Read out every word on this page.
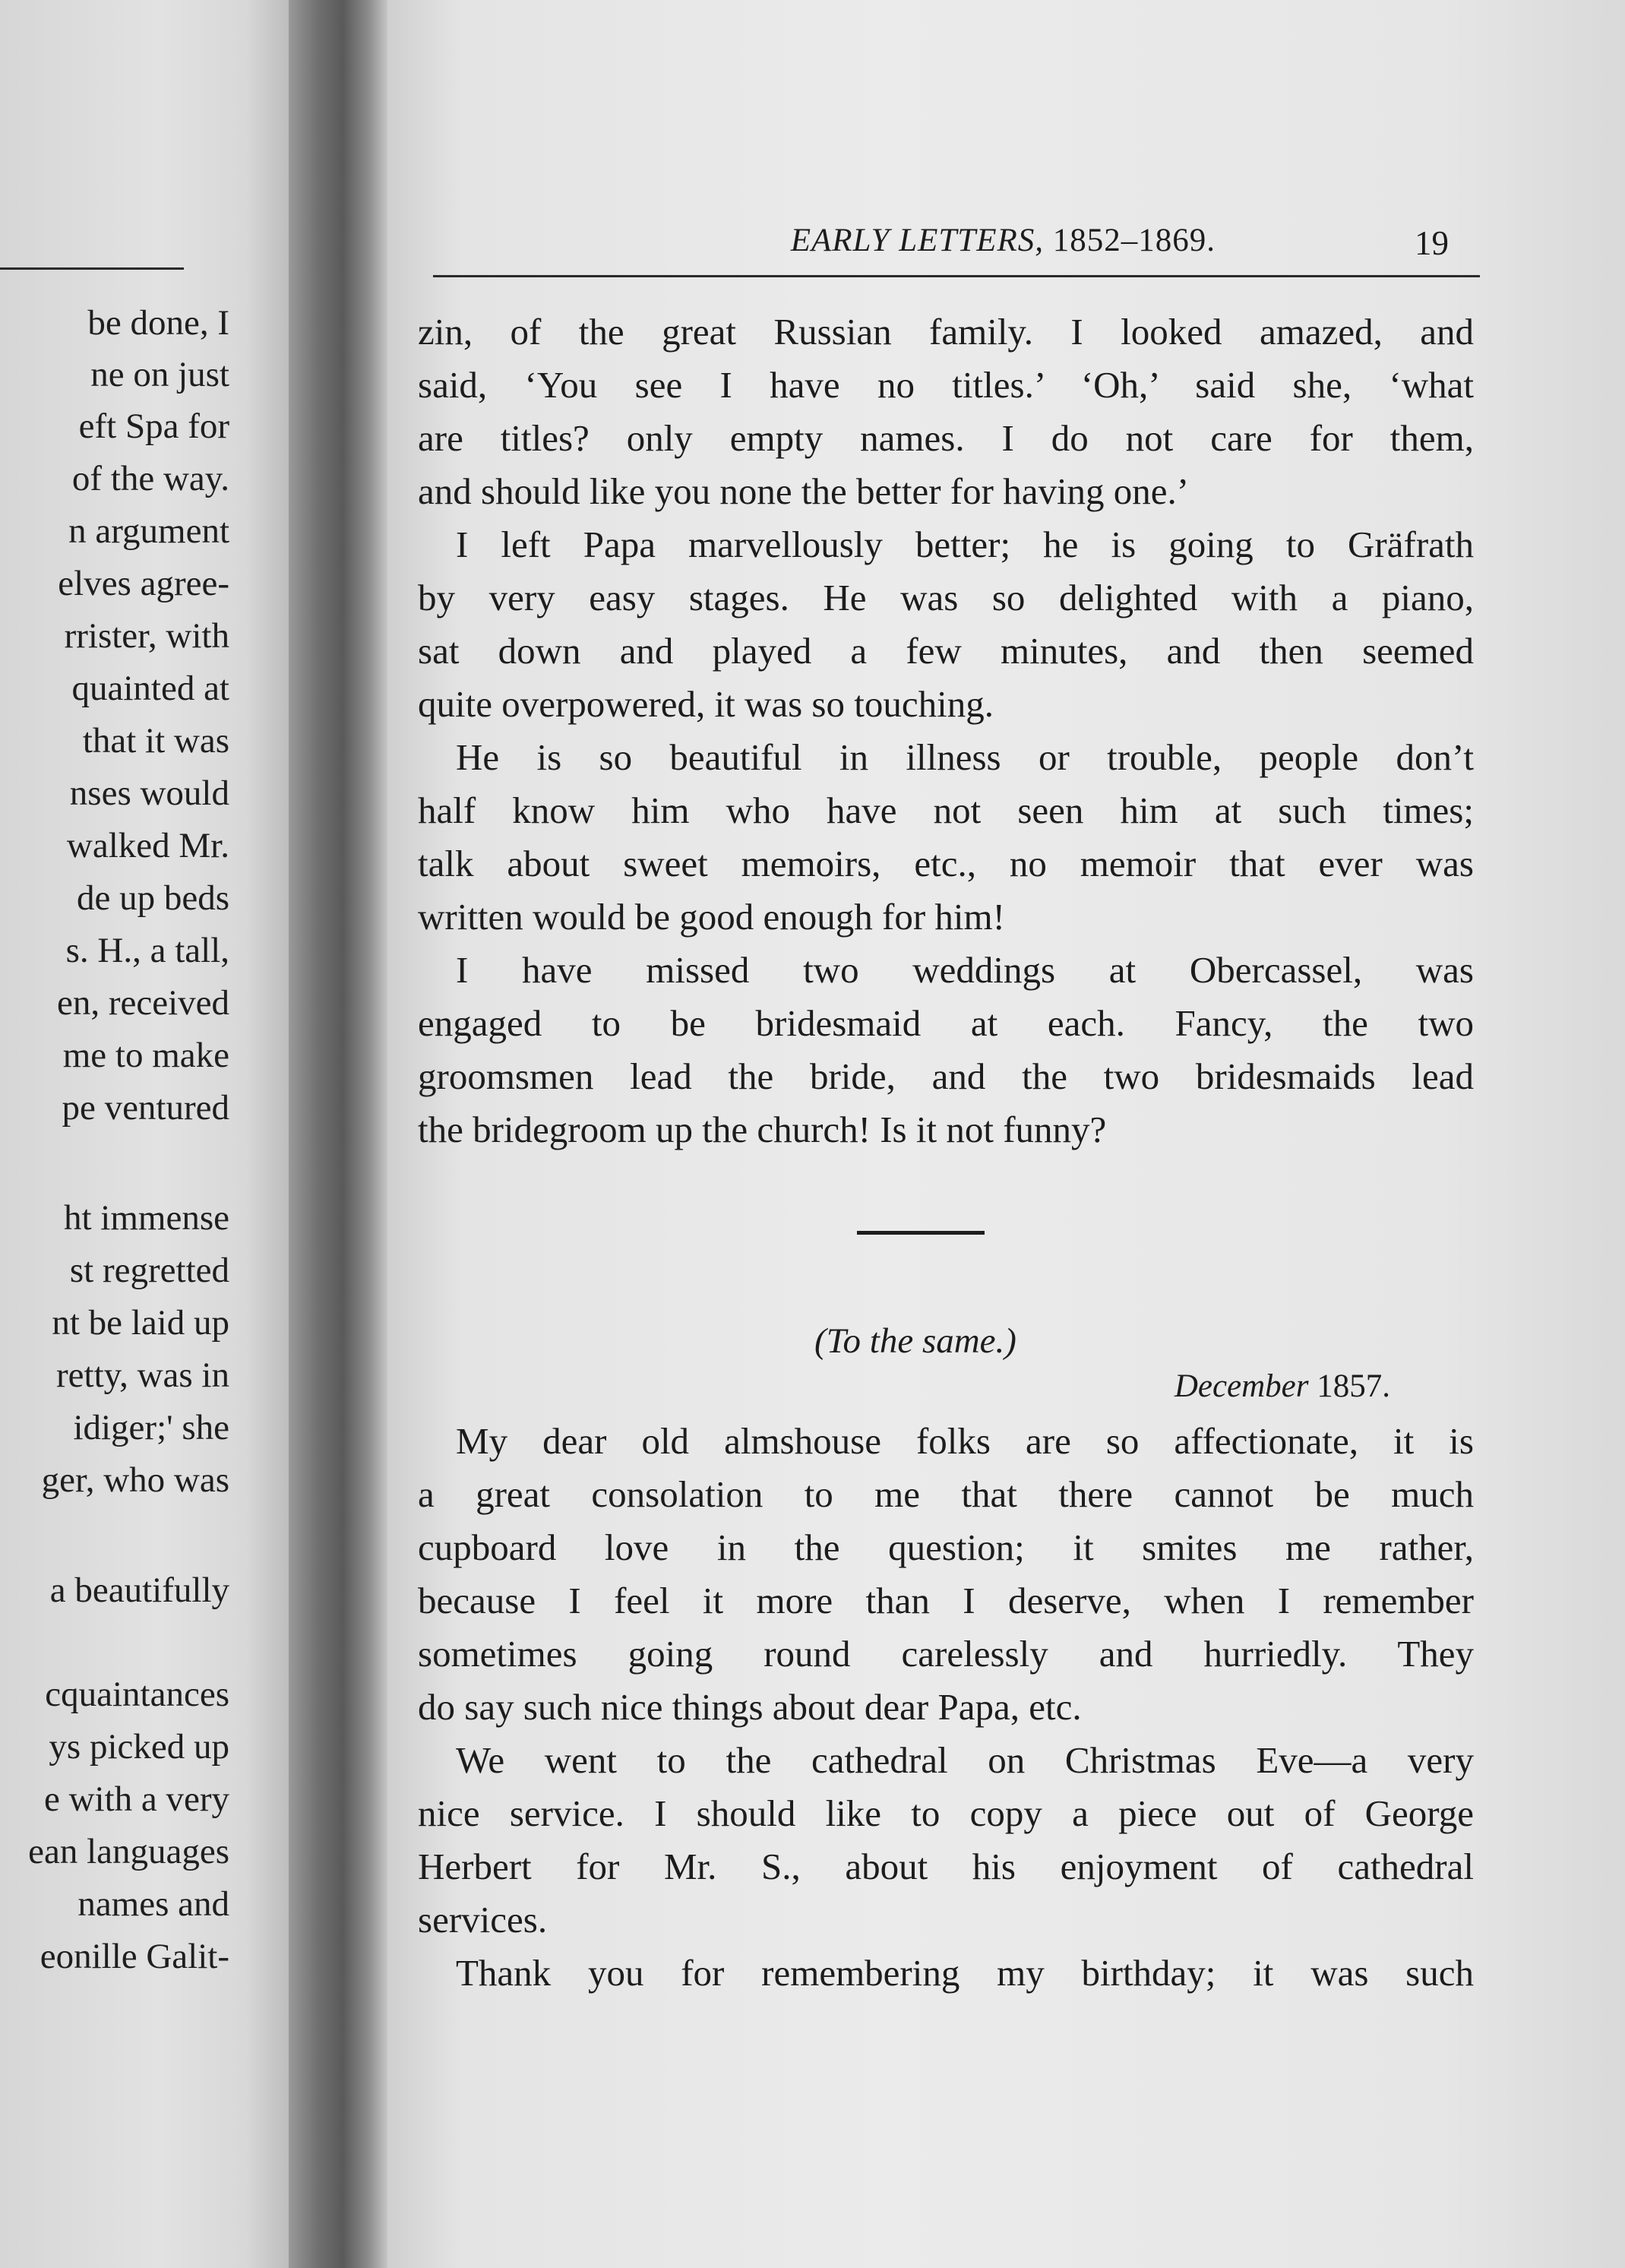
be done, I
ne on just
eft Spa for
of the way.
n argument
elves agree-
rrister, with
quainted at
that it was
nses would
walked Mr.
de up beds
s. H., a tall,
en, received
me to make
pe ventured
ht immense
st regretted
nt be laid up
retty, was in
idiger;' she
ger, who was
a beautifully
cquaintances
ys picked up
e with a very
ean languages
names and
eonille Galit-
EARLY LETTERS, 1852–1869.	19
zin, of the great Russian family. I looked amazed, and
said, ‘You see I have no titles.’ ‘Oh,’ said she, ‘what
are titles? only empty names. I do not care for them,
and should like you none the better for having one.’
I left Papa marvellously better; he is going to Gräfrath
by very easy stages. He was so delighted with a piano,
sat down and played a few minutes, and then seemed
quite overpowered, it was so touching.
He is so beautiful in illness or trouble, people don’t
half know him who have not seen him at such times;
talk about sweet memoirs, etc., no memoir that ever was
written would be good enough for him!
I have missed two weddings at Obercassel, was
engaged to be bridesmaid at each. Fancy, the two
groomsmen lead the bride, and the two bridesmaids lead
the bridegroom up the church! Is it not funny?
(To the same.)
December 1857.
My dear old almshouse folks are so affectionate, it is
a great consolation to me that there cannot be much
cupboard love in the question; it smites me rather,
because I feel it more than I deserve, when I remember
sometimes going round carelessly and hurriedly. They
do say such nice things about dear Papa, etc.
We went to the cathedral on Christmas Eve—a very
nice service. I should like to copy a piece out of George
Herbert for Mr. S., about his enjoyment of cathedral
services.
Thank you for remembering my birthday; it was such
